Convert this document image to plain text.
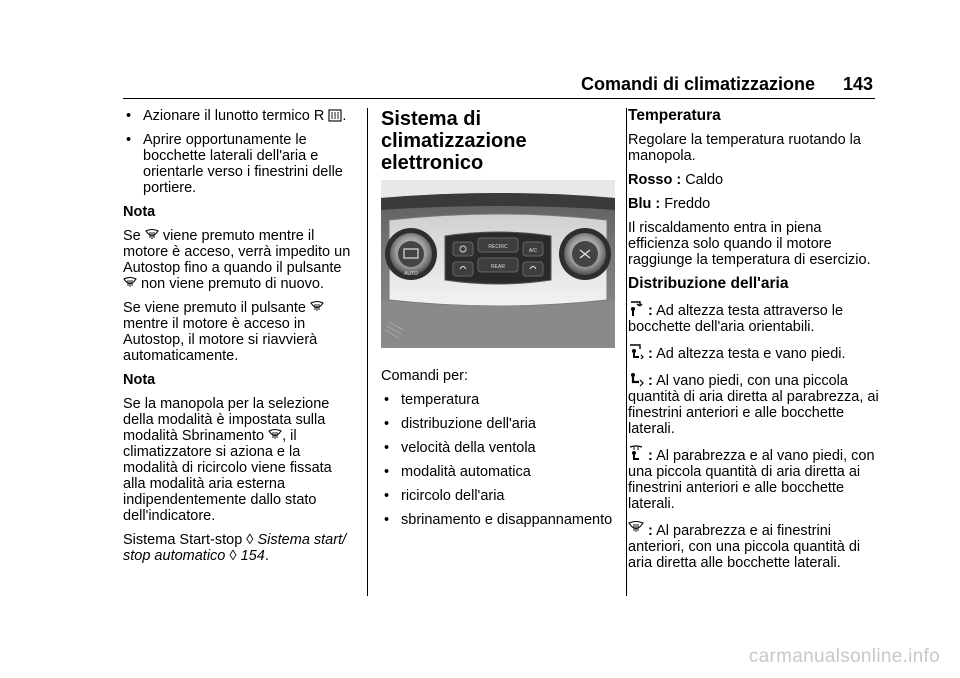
Comandi di climatizzazione 143

• Azionare il lunotto termico R .

• Aprire opportunamente le bocchette laterali dell'aria e orientarle verso i finestrini delle portiere.

Nota

Se viene premuto mentre il motore è acceso, verrà impedito un Autostop fino a quando il pulsante  non viene premuto di nuovo.

Se viene premuto il pulsante  mentre il motore è acceso in Autostop, il motore si riavvierà automaticamente.

Nota

Se la manopola per la selezione della modalità è impostata sulla modalità Sbrinamento , il climatizzatore si aziona e la modalità di ricircolo viene fissata alla modalità aria esterna indipendentemente dallo stato dell'indicatore.

Sistema Start-stop ◊ Sistema start/ stop automatico ◊ 154.

Sistema di climatizzazione elettronico

RECIRC
REAR
AUTO
A/C

Comandi per:

• temperatura

• distribuzione dell'aria

• velocità della ventola

• modalità automatica

• ricircolo dell'aria

• sbrinamento e disappannamento

Temperatura

Regolare la temperatura ruotando la manopola.

Rosso : Caldo

Blu : Freddo

Il riscaldamento entra in piena efficienza solo quando il motore raggiunge la temperatura di esercizio.

Distribuzione dell'aria

: Ad altezza testa attraverso le bocchette dell'aria orientabili.

: Ad altezza testa e vano piedi.

: Al vano piedi, con una piccola quantità di aria diretta al parabrezza, ai finestrini anteriori e alle bocchette laterali.

: Al parabrezza e al vano piedi, con una piccola quantità di aria diretta ai finestrini anteriori e alle bocchette laterali.

: Al parabrezza e ai finestrini anteriori, con una piccola quantità di aria diretta alle bocchette laterali.

carmanualsonline.info
